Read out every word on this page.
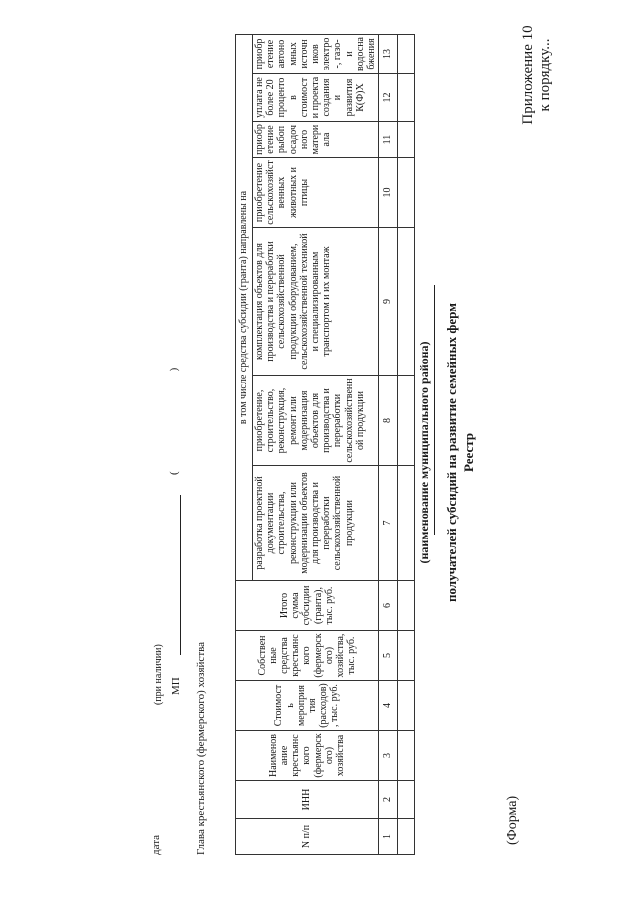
Приложение 10 к порядку...
(Форма)
Реестр
получателей субсидий на развитие семейных ферм
(наименование муниципального района)
N п/п	ИНН	Наименование крестьянского (фермерского) хозяйства	Стоимость мероприятия (расходов), тыс. руб.	Собственные средства крестьянского (фермерского) хозяйства, тыс. руб.	Итого сумма субсидии (гранта), тыс. руб.	в том числе средства субсидии (гранта) направлены на						
						разработка проектной документации строительства, реконструкции или модернизации объектов для производства и переработки сельскохозяйственной продукции	приобретение, строительство, реконструкция, ремонт или модернизация объектов для производства и переработки сельскохозяйственной продукции	комплектация объектов для производства и переработки сельскохозяйственной продукции оборудованием, сельскохозяйственной техникой и специализированным транспортом и их монтаж	приобретение сельскохозяйственных животных и птицы	приобретение рыбопосадочного материала	уплата не более 20 процентов стоимости проекта создания и развития К(Ф)Х	приобретение автономных источников электро-, газо- и водоснабжения
1	2	3	4	5	6	7	8	9	10	11	12	13

Глава крестьянского (фермерского) хозяйства
МП
()
(при наличии)
дата
